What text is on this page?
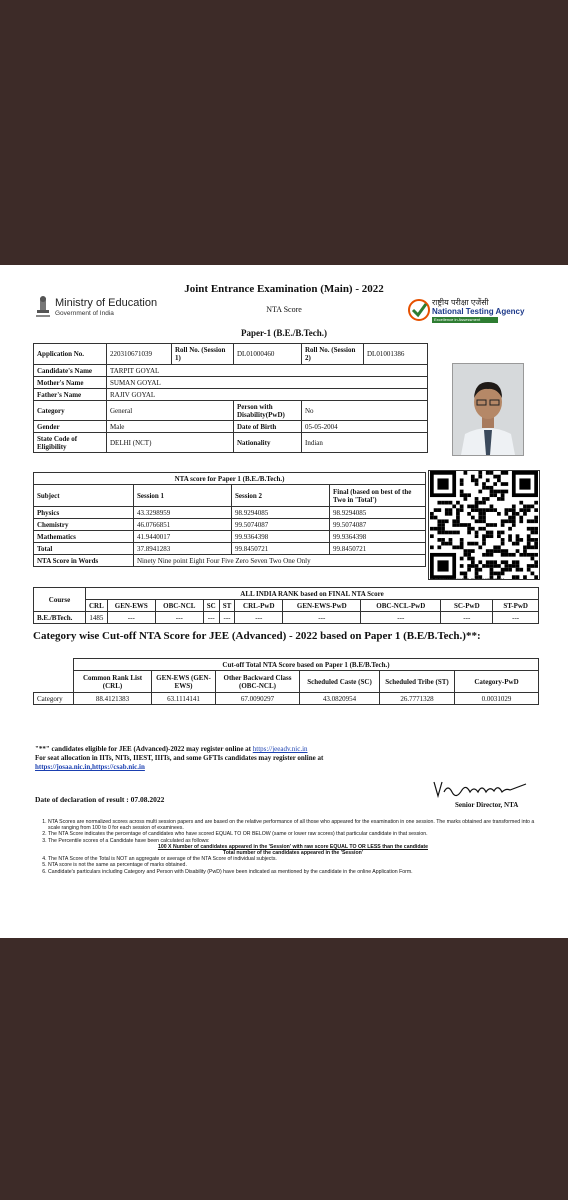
Ministry of Education
Government of India
Joint Entrance Examination (Main) - 2022
NTA Score
Paper-1 (B.E./B.Tech.)
राष्ट्रीय परीक्षा एजेंसी
National Testing Agency
Excellence in Assessment
Application No.	220310671039	Roll No. (Session 1)	DL01000460	Roll No. (Session 2)	DL01001386	
Candidate's Name	TARPIT GOYAL					
Mother's Name	SUMAN GOYAL					
Father's Name	RAJIV GOYAL					
Category	General		Person with Disability(PwD)	No		
Gender	Male		Date of Birth	05-05-2004		
State Code of Eligibility	DELHI (NCT)		Nationality	Indian		
NTA score for Paper 1 (B.E./B.Tech.)			
Subject	Session 1	Session 2	Final (based on best of the Two in 'Total')
Physics	43.3298959	98.9294085	98.9294085
Chemistry	46.0766851	99.5074087	99.5074087
Mathematics	41.9440017	99.9364398	99.9364398
Total	37.8941283	99.8450721	99.8450721
NTA Score in Words	Ninety Nine point Eight Four Five Zero Seven Two One Only		
0C6D6A5CC7831A89C8D783C0E4687D2
Course	ALL INDIA RANK based on FINAL NTA Score									
	CRL	GEN-EWS	OBC-NCL	SC	ST	CRL-PwD	GEN-EWS-PwD	OBC-NCL-PwD	SC-PwD	ST-PwD
B.E./BTech.	1485	---	---	---	---	---	---	---	---	---
Category wise Cut-off NTA Score for JEE (Advanced) - 2022 based on Paper 1 (B.E/B.Tech.)**:
	Cut-off Total NTA Score based on Paper 1 (B.E/B.Tech.)					
	Common Rank List (CRL)	GEN-EWS (GEN-EWS)	Other Backward Class (OBC-NCL)	Scheduled Caste (SC)	Scheduled Tribe (ST)	Category-PwD
Category	88.4121383	63.1114141	67.0090297	43.0820954	26.7771328	0.0031029
"**" candidates eligible for JEE (Advanced)-2022 may register online at https://jeeadv.nic.in
For seat allocation in IITs, NITs, IIEST, IIITs, and some GFTIs candidates may register online at
https://josaa.nic.in,https://csab.nic.in
Date of declaration of result : 07.08.2022
Senior Director, NTA
1. NTA Scores are normalized scores across multi session papers and are based on the relative performance of all those who appeared for the examination in one session. The marks obtained are transformed into a scale ranging from 100 to 0 for each session of examinees.
2. The NTA Score indicates the percentage of candidates who have scored EQUAL TO OR BELOW (same or lower raw scores) that particular candidate in that session.
3. The Percentile scores of a Candidate have been calculated as follows:
100 X Number of candidates appeared in the 'Session' with raw score EQUAL TO OR LESS than the candidate
Total number of the candidates appeared in the 'Session'
4. The NTA Score of the Total is NOT an aggregate or average of the NTA Score of individual subjects.
5. NTA score is not the same as percentage of marks obtained.
6. Candidate's particulars including Category and Person with Disability (PwD) have been indicated as mentioned by the candidate in the online Application Form.
